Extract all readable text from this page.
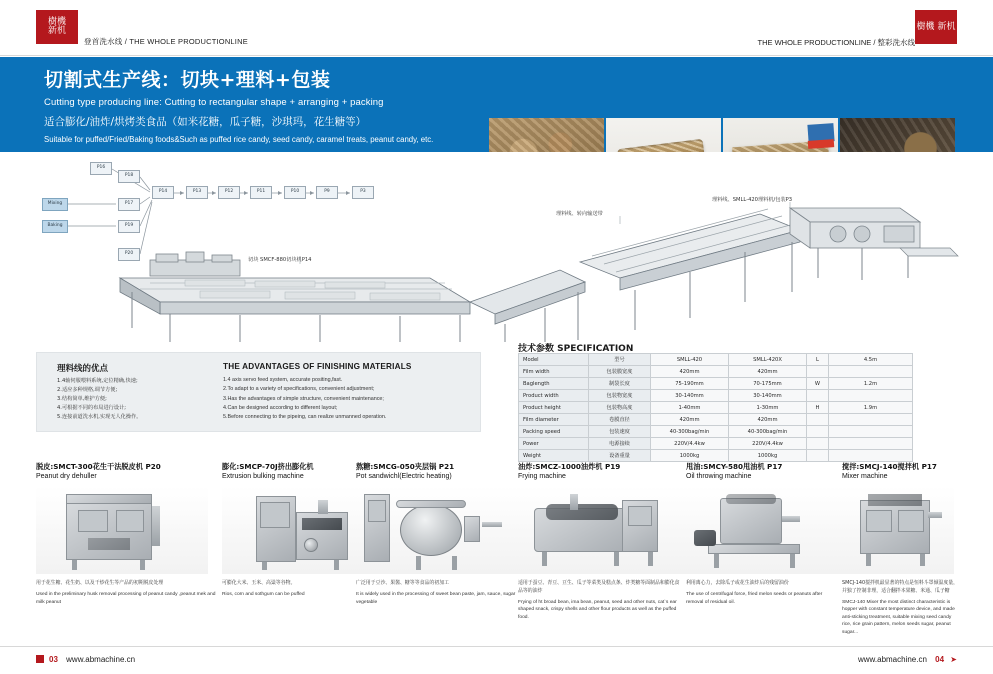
樹機
新机
登首洗水线 / THE WHOLE PRODUCTIONLINE	THE WHOLE PRODUCTIONLINE / 整彩洗水线
樹機 新机
切割式生产线：切块+理料+包装
Cutting type producing line: Cutting to rectangular shape + arranging + packing
适合膨化/油炸/烘烤类食品（如米花糖，瓜子糖，沙琪玛，花生糖等）
Suitable for puffed/Fried/Baking foods&Such as puffed rice candy, seed candy, caramel treats, peanut candy, etc.
切块 SMCF-880切块机P14
理料线、转向输送带
理料线、SMLL-420理料机/包装P3
P16
P18
P17
P19
P20
Mixing
Baking
P14	P13	P12	P11	P10	P9	P3
理料线的优点
1.4轴伺服喂料系统,定位精确,快速;
2.适应多种规格,调节方便;
3.结构简单,维护方便;
4.可根据不同的布局进行设计;
5.连接前道洗水机,实现无人化操作。
THE ADVANTAGES OF FINISHING MATERIALS
1.4 axis servo feed system, accurate positing,fast.
2.To adapt to a variety of specifications, convenient adjustment;
3.Has the advantages of simple structure, convenient maintenance;
4.Can be designed according to different layout;
5.Before connecting to the pipeing, can realize unmanned operation.
技术参数 SPECIFICATION
Model	型号	SMLL-420	SMLL-420X	L	4.5m
Film width	包装膜宽度	420mm	420mm		
Baglength	制袋长度	75-190mm	70-175mm	W	1.2m
Product width	包装物宽度	30-140mm	30-140mm		
Product height	包装物高度	1-40mm	1-30mm	H	1.9m
Film diameter	卷膜直径	420mm	420mm		
Packing speed	包装速度	40-300bag/min	40-300bag/min		
Power	电源接续	220V/4.4kw	220V/4.4kw		
Weight	设备重量	1000kg	1000kg		
脱皮:SMCT-300花生干法脱皮机 P20
Peanut dry dehuller
用于花生糖、花生奶、以及干炒花生等产品的初期脱皮处理
Used in the preliminary husk removal processing of peanut candy ,peanut mek and milk peanut
膨化:SMCP-70J挤出膨化机
Extrusion bulking machine
可膨化大米、玉米、高粱等谷物。
Rios, corn and sothgum can be puffed
熬糖:SMCG-050夹层锅 P21
Pot sandwichl(Electric heating)
广泛用于豆沙、果酱、糖等等食品的初加工
It is widely used in the processing of sweet bean paste, jam, sauce, sugar vegetable
油炸:SMCZ-1000油炸机 P19
Frying machine
适用于蚕豆、青豆、豆生、瓜子等菜类及糕点条、炸类糖等面制品和膨化食品等的油炸
Frying of ht broad bean, ima bean, peanut, seed and other nuts, cat`s ear shaped snack, crispy shells and other flour products as well as the puffed food.
甩油:SMCY-580甩油机 P17
Oil throwing machine
利用离心力，去除瓜子或花生油炸后的残留油份
The use of centrifugal force, fried melon seeds or peanuts after removal of residual oil.
搅拌:SMCJ-140搅拌机 P17
Mixer machine
SMCJ-140搅拌机最显著的特点是恒料斗罩倾温度量，并独了控制非理，适合翻拌本果糖、米通、瓜子糖
SMCJ-140 Mixer the most distinct characteristic is hopper with constant temperature device, and made anti-sticking treatment, suitable mixing seed candy rice, rice grain pattern, melon seeds sugar, peanut sugar...
03 www.abmachine.cn	www.abmachine.cn 04 ➤
